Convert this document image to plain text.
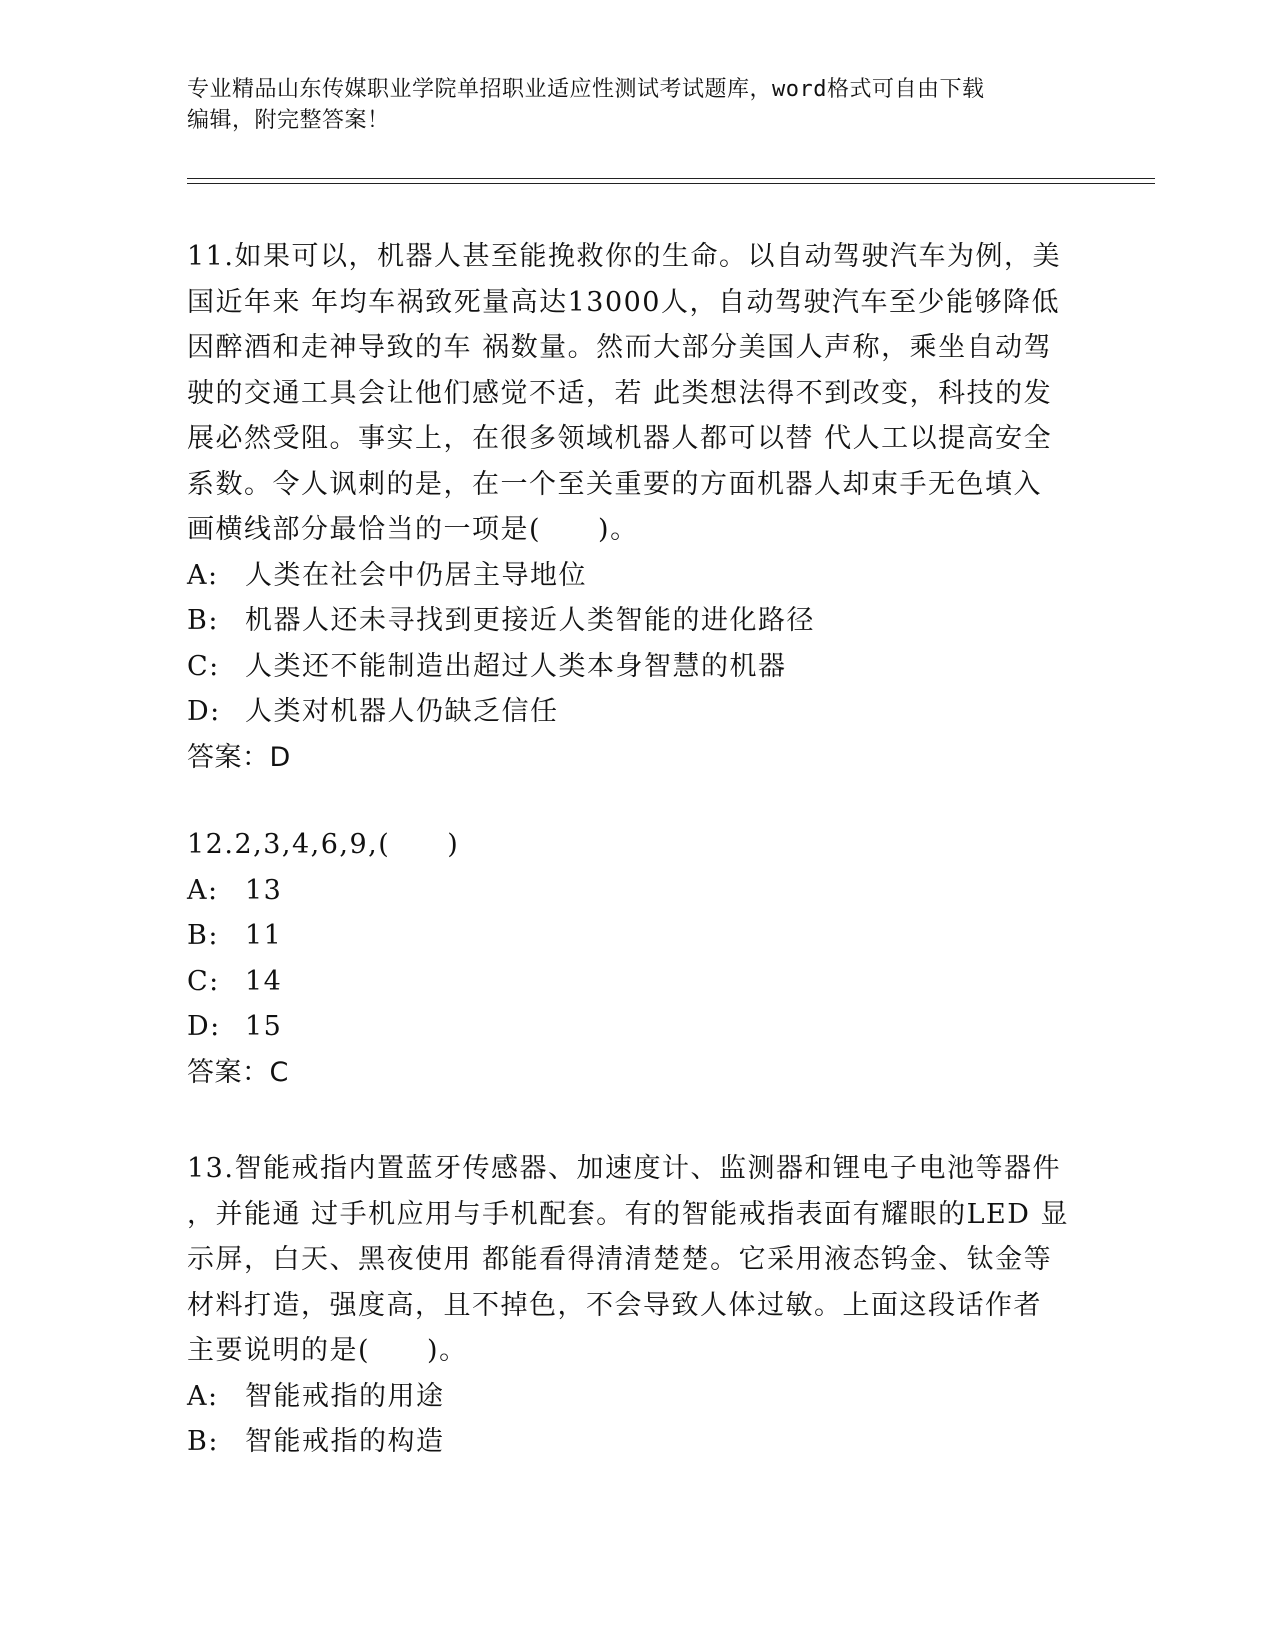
专业精品山东传媒职业学院单招职业适应性测试考试题库，word格式可自由下载
编辑，附完整答案！
11.如果可以，机器人甚至能挽救你的生命。以自动驾驶汽车为例，美
国近年来 年均车祸致死量高达13000人，自动驾驶汽车至少能够降低
因醉酒和走神导致的车 祸数量。然而大部分美国人声称，乘坐自动驾
驶的交通工具会让他们感觉不适，若 此类想法得不到改变，科技的发
展必然受阻。事实上，在很多领域机器人都可以替 代人工以提高安全
系数。令人讽刺的是，在一个至关重要的方面机器人却束手无色填入
画横线部分最恰当的一项是(　　)。
A: 人类在社会中仍居主导地位
B: 机器人还未寻找到更接近人类智能的进化路径
C: 人类还不能制造出超过人类本身智慧的机器
D: 人类对机器人仍缺乏信任
答案：D
12.2,3,4,6,9,(　　)
A: 13
B: 11
C: 14
D: 15
答案：C
13.智能戒指内置蓝牙传感器、加速度计、监测器和锂电子电池等器件
，并能通 过手机应用与手机配套。有的智能戒指表面有耀眼的LED 显
示屏，白天、黑夜使用 都能看得清清楚楚。它采用液态钨金、钛金等
材料打造，强度高，且不掉色，不会导致人体过敏。上面这段话作者
主要说明的是(　　)。
A: 智能戒指的用途
B: 智能戒指的构造
